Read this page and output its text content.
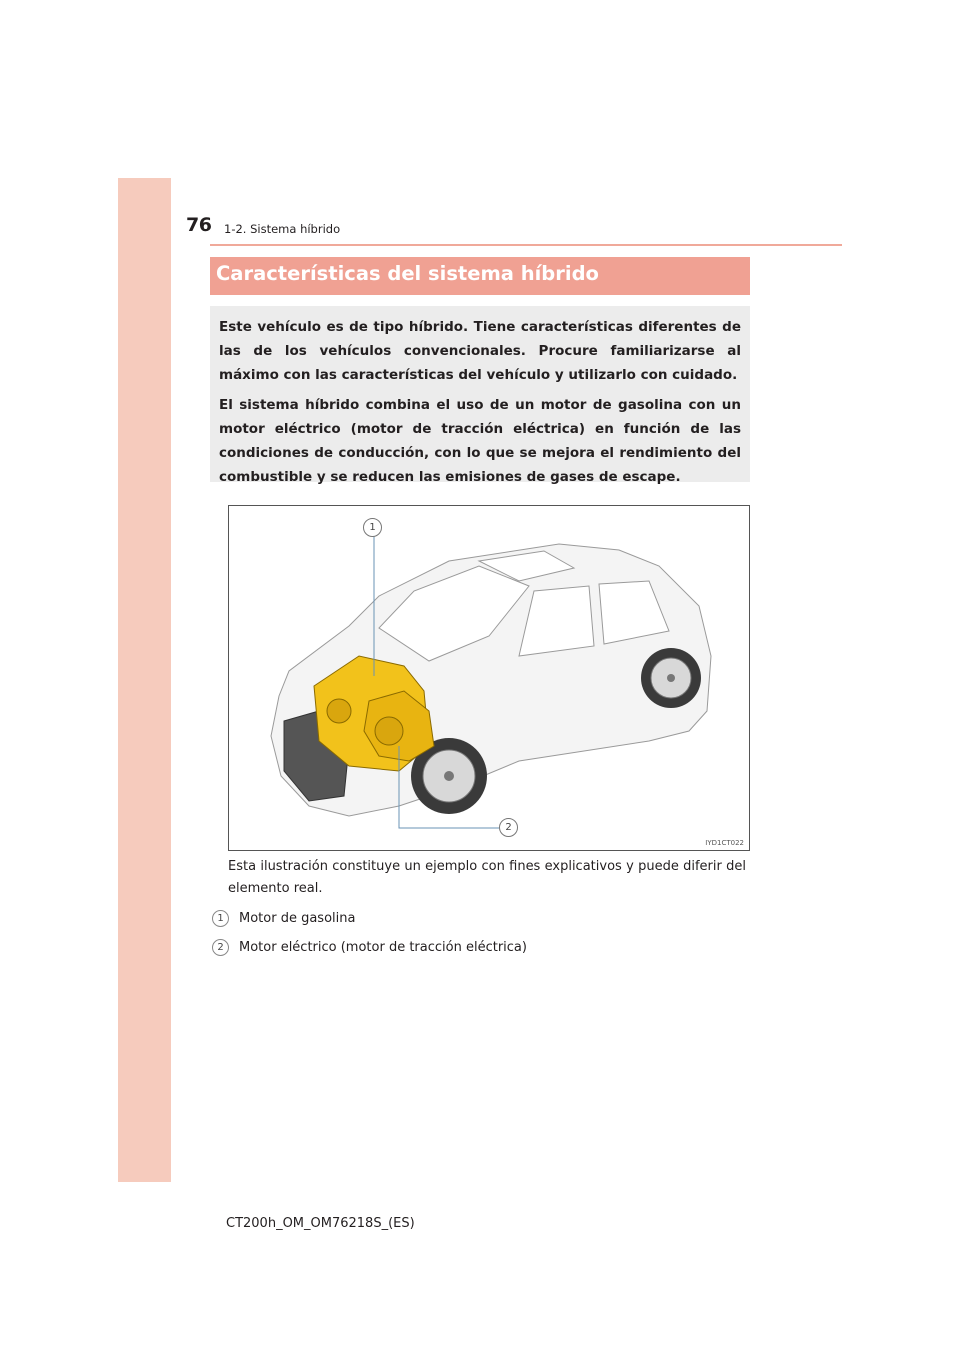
76 1-2. Sistema híbrido
Características del sistema híbrido

Este vehículo es de tipo híbrido. Tiene características diferentes de las de los vehículos convencionales. Procure familiarizarse al máximo con las características del vehículo y utilizarlo con cuidado.

El sistema híbrido combina el uso de un motor de gasolina con un motor eléctrico (motor de tracción eléctrica) en función de las condiciones de conducción, con lo que se mejora el rendimiento del combustible y se reducen las emisiones de gases de escape.

1
2
IYD1CT022
Esta ilustración constituye un ejemplo con fines explicativos y puede diferir del elemento real.
1 Motor de gasolina
2 Motor eléctrico (motor de tracción eléctrica)
CT200h_OM_OM76218S_(ES)
